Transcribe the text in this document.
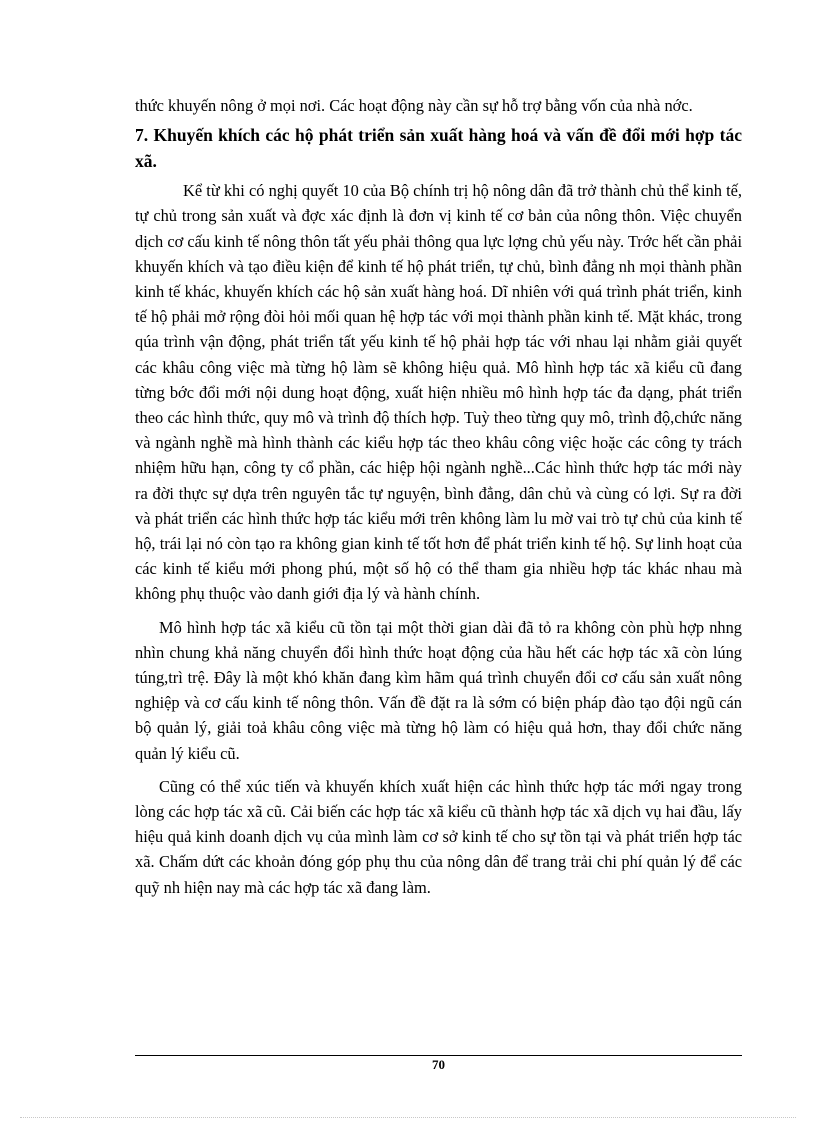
thức khuyến nông ở mọi nơi. Các hoạt động này cần sự hỗ trợ bằng vốn của nhà nớc.

7. Khuyến khích các hộ phát triển sản xuất hàng hoá và vấn đề đổi mới hợp tác xã.

Kể từ khi có nghị quyết 10 của Bộ chính trị hộ nông dân đã trở thành chủ thể kinh tế, tự chủ trong sản xuất và đợc xác định là đơn vị kinh tế cơ bản của nông thôn. Việc chuyển dịch cơ cấu kinh tế nông thôn tất yếu phải thông qua lực lợng chủ yếu này. Trớc hết cần phải khuyến khích và tạo điều kiện để kinh tế hộ phát triển, tự chủ, bình đẳng nh mọi thành phần kinh tế khác, khuyến khích các hộ sản xuất hàng hoá. Dĩ nhiên với quá trình phát triển, kinh tế hộ phải mở rộng đòi hỏi mối quan hệ hợp tác với mọi thành phần kinh tế. Mặt khác, trong qúa trình vận động, phát triển tất yếu kinh tế hộ phải hợp tác với nhau lại nhằm giải quyết các khâu công việc mà từng hộ làm sẽ không hiệu quả. Mô hình hợp tác xã kiểu cũ đang từng bớc đổi mới nội dung hoạt động, xuất hiện nhiều mô hình hợp tác đa dạng, phát triển theo các hình thức, quy mô và trình độ thích hợp. Tuỳ theo từng quy mô, trình độ,chức năng và ngành nghề mà hình thành các kiểu hợp tác theo khâu công việc hoặc các công ty trách nhiệm hữu hạn, công ty cổ phần, các hiệp hội ngành nghề...Các hình thức hợp tác mới này ra đời thực sự dựa trên nguyên tắc tự nguyện, bình đẳng, dân chủ và cùng có lợi. Sự ra đời và phát triển các hình thức hợp tác kiểu mới trên không làm lu mờ vai trò tự chủ của kinh tế hộ, trái lại nó còn tạo ra không gian kinh tế tốt hơn để phát triển kinh tế hộ. Sự linh hoạt của các kinh tế kiểu mới phong phú, một số hộ có thể tham gia nhiều hợp tác khác nhau mà không phụ thuộc vào danh giới địa lý và hành chính.

Mô hình hợp tác xã kiểu cũ tồn tại một thời gian dài đã tỏ ra không còn phù hợp nhng nhìn chung khả năng chuyển đổi hình thức hoạt động của hầu hết các hợp tác xã còn lúng túng,trì trệ. Đây là một khó khăn đang kìm hãm quá trình chuyển đổi cơ cấu sản xuất nông nghiệp và cơ cấu kinh tế nông thôn. Vấn đề đặt ra là sớm có biện pháp đào tạo đội ngũ cán bộ quản lý, giải toả khâu công việc mà từng hộ làm có hiệu quả hơn, thay đổi chức năng quản lý kiểu cũ.

Cũng có thể xúc tiến và khuyến khích xuất hiện các hình thức hợp tác mới ngay trong lòng các hợp tác xã cũ. Cải biến các hợp tác xã kiểu cũ thành hợp tác xã dịch vụ hai đầu, lấy hiệu quả kinh doanh dịch vụ của mình làm cơ sở kinh tế cho sự tồn tại và phát triển hợp tác xã. Chấm dứt các khoản đóng góp phụ thu của nông dân để trang trải chi phí quản lý để các quỹ nh hiện nay mà các hợp tác xã đang làm.

70
